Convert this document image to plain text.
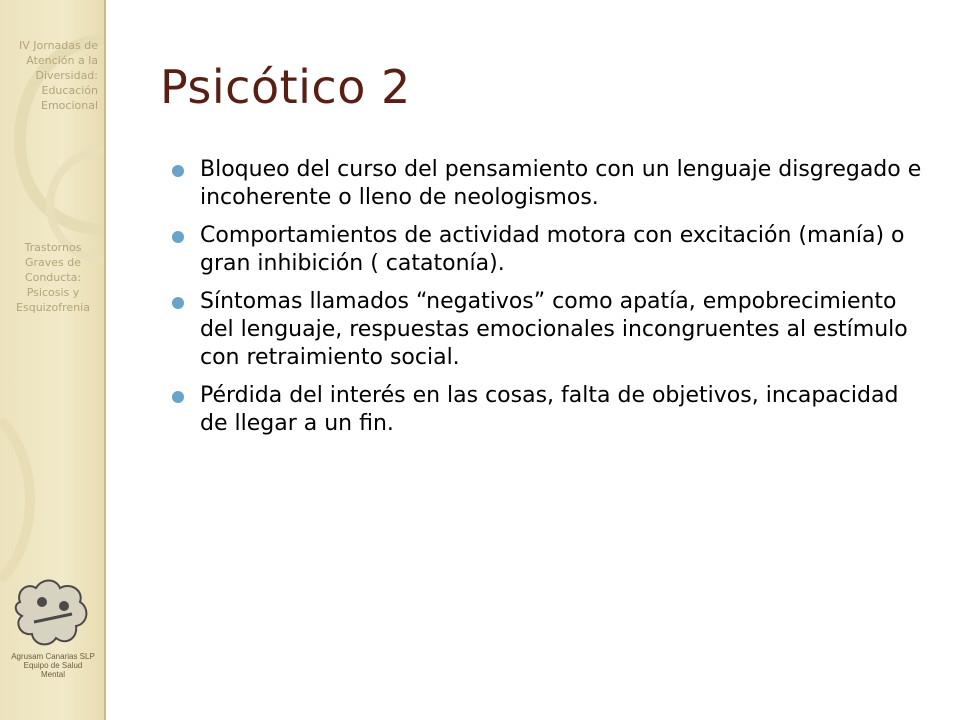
IV Jornadas de
Atención a la
Diversidad:
Educación
Emocional
Trastornos
Graves de
Conducta:
Psicosis y
Esquizofrenia
Agrusam Canarias SLP
Equipo de Salud
Mental
Psicótico 2
Bloqueo del curso del pensamiento con un lenguaje disgregado e incoherente o lleno de neologismos.
Comportamientos de actividad motora con excitación (manía) o gran inhibición ( catatonía).
Síntomas llamados “negativos” como apatía, empobrecimiento del lenguaje, respuestas emocionales incongruentes al estímulo con retraimiento social.
Pérdida del interés en las cosas, falta de objetivos, incapacidad de llegar a un fin.
